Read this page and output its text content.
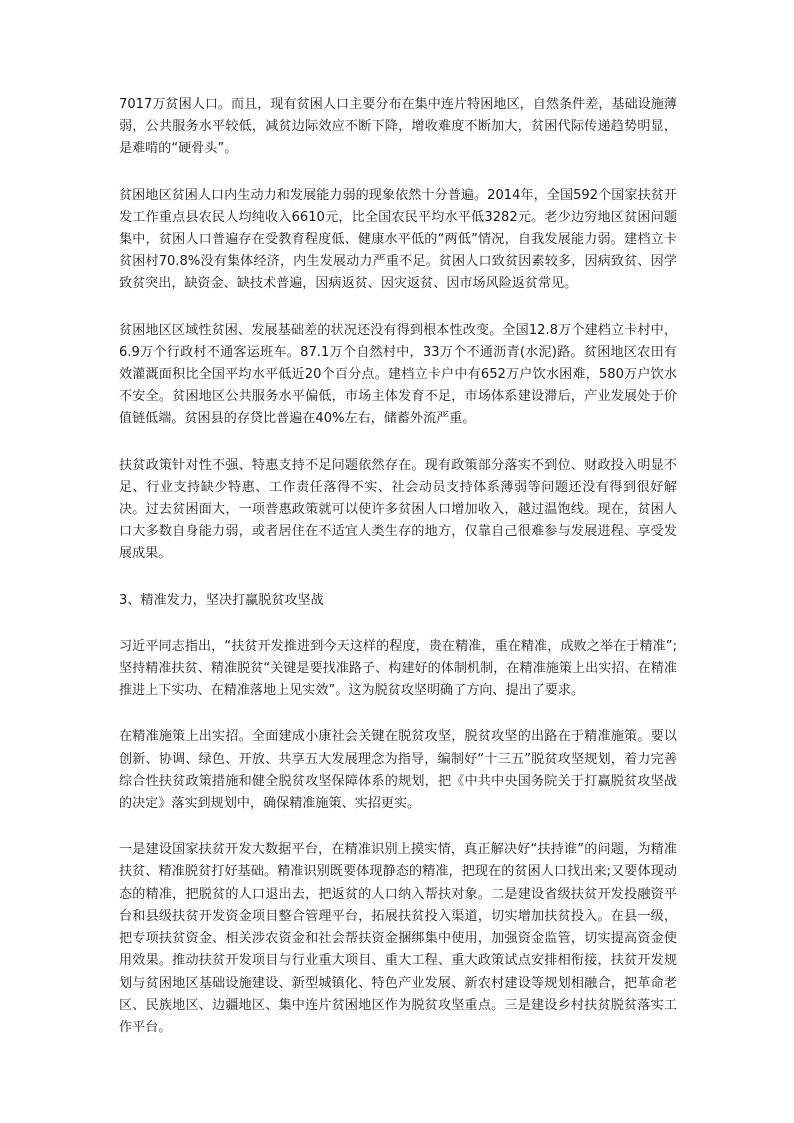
7017万贫困人口。而且，现有贫困人口主要分布在集中连片特困地区，自然条件差，基础设施薄弱，公共服务水平较低，减贫边际效应不断下降，增收难度不断加大，贫困代际传递趋势明显，是难啃的“硬骨头”。

贫困地区贫困人口内生动力和发展能力弱的现象依然十分普遍。2014年，全国592个国家扶贫开发工作重点县农民人均纯收入6610元，比全国农民平均水平低3282元。老少边穷地区贫困问题集中，贫困人口普遍存在受教育程度低、健康水平低的“两低”情况，自我发展能力弱。建档立卡贫困村70.8%没有集体经济，内生发展动力严重不足。贫困人口致贫因素较多，因病致贫、因学致贫突出，缺资金、缺技术普遍，因病返贫、因灾返贫、因市场风险返贫常见。

贫困地区区域性贫困、发展基础差的状况还没有得到根本性改变。全国12.8万个建档立卡村中，6.9万个行政村不通客运班车。87.1万个自然村中，33万个不通沥青(水泥)路。贫困地区农田有效灌溉面积比全国平均水平低近20个百分点。建档立卡户中有652万户饮水困难，580万户饮水不安全。贫困地区公共服务水平偏低，市场主体发育不足，市场体系建设滞后，产业发展处于价值链低端。贫困县的存贷比普遍在40%左右，储蓄外流严重。

扶贫政策针对性不强、特惠支持不足问题依然存在。现有政策部分落实不到位、财政投入明显不足、行业支持缺少特惠、工作责任落得不实、社会动员支持体系薄弱等问题还没有得到很好解决。过去贫困面大，一项普惠政策就可以使许多贫困人口增加收入，越过温饱线。现在，贫困人口大多数自身能力弱，或者居住在不适宜人类生存的地方，仅靠自己很难参与发展进程、享受发展成果。

3、精准发力，坚决打赢脱贫攻坚战

习近平同志指出，“扶贫开发推进到今天这样的程度，贵在精准，重在精准，成败之举在于精准”;坚持精准扶贫、精准脱贫“关键是要找准路子、构建好的体制机制，在精准施策上出实招、在精准推进上下实功、在精准落地上见实效”。这为脱贫攻坚明确了方向、提出了要求。

在精准施策上出实招。全面建成小康社会关键在脱贫攻坚，脱贫攻坚的出路在于精准施策。要以创新、协调、绿色、开放、共享五大发展理念为指导，编制好“十三五”脱贫攻坚规划，着力完善综合性扶贫政策措施和健全脱贫攻坚保障体系的规划，把《中共中央国务院关于打赢脱贫攻坚战的决定》落实到规划中，确保精准施策、实招更实。

一是建设国家扶贫开发大数据平台，在精准识别上摸实情，真正解决好“扶持谁”的问题，为精准扶贫、精准脱贫打好基础。精准识别既要体现静态的精准，把现在的贫困人口找出来;又要体现动态的精准，把脱贫的人口退出去，把返贫的人口纳入帮扶对象。二是建设省级扶贫开发投融资平台和县级扶贫开发资金项目整合管理平台，拓展扶贫投入渠道，切实增加扶贫投入。在县一级，把专项扶贫资金、相关涉农资金和社会帮扶资金捆绑集中使用，加强资金监管，切实提高资金使用效果。推动扶贫开发项目与行业重大项目、重大工程、重大政策试点安排相衔接，扶贫开发规划与贫困地区基础设施建设、新型城镇化、特色产业发展、新农村建设等规划相融合，把革命老区、民族地区、边疆地区、集中连片贫困地区作为脱贫攻坚重点。三是建设乡村扶贫脱贫落实工作平台。
